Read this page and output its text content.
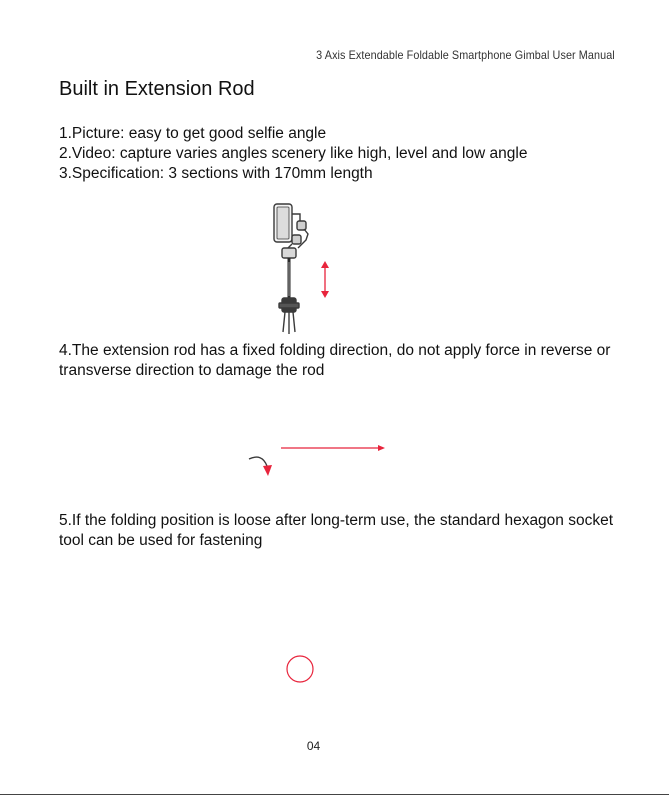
3 Axis Extendable Foldable Smartphone Gimbal User Manual
Built in Extension Rod
1.Picture: easy to get good selfie angle
2.Video: capture varies angles scenery like high, level and low angle
3.Specification: 3 sections with 170mm length
4.The extension rod has a fixed folding direction, do not apply force in reverse or transverse direction to damage the rod
5.If the folding position is loose after long-term use, the standard hexagon socket tool can be used for fastening
04
